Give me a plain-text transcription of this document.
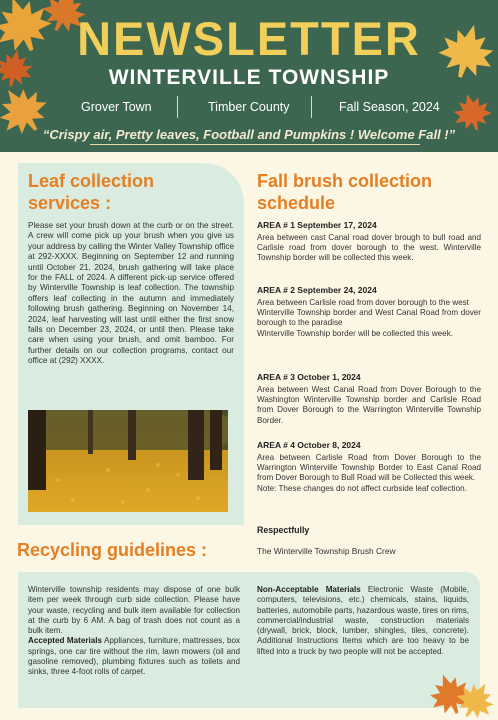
NEWSLETTER
WINTERVILLE TOWNSHIP
Grover Town	Timber County	Fall Season, 2024
“Crispy air, Pretty leaves, Football and Pumpkins ! Welcome Fall !”
Leaf collection services :
Please set your brush down at the curb or on the street. A crew will come pick up your brush when you give us your address by calling the Winter Valley Township office at 292-XXXX. Beginning on September 12 and running until October 21, 2024, brush gathering will take place for the FALL of 2024. A different pick-up service offered by Winterville Township is leaf collection. The township offers leaf collecting in the autumn and immediately following brush gathering. Beginning on November 14, 2024, leaf harvesting will last until either the first snow falls on December 23, 2024, or until then. Please take care when using your brush, and omit bamboo. For further details on our collection programs, contact our office at (292) XXXX.
Fall brush collection schedule
AREA # 1 September 17, 2024
Area between cast Canal road dover brough to bull road and Carlisle road from dover borough to the west. Winterville Township border will be collected this week.
AREA # 2 September 24, 2024
Area between Carlisle road from dover borough to the west
Winterville Township border and West Canal Road from dover borough to the paradise
Winterville Township border will be collected this week.
AREA # 3 October 1, 2024
Area between West Canal Road from Dover Borough to the Washington Winterville Township border and Carlisle Road from Dover Borough to the Warrington Winterville Township Border.
AREA # 4 October 8, 2024
Area between Carlisle Road from Dover Borough to the Warrington Winterville Township Border to East Canal Road from Dover Borough to Bull Road will be Collected this week.
Note: These changes do not affect curbside leaf collection.
Respectfully
The Winterville Township Brush Crew
Recycling guidelines :
Winterville township residents may dispose of one bulk item per week through curb side collection. Please have your waste, recycling and bulk item available for collection at the curb by 6 AM. A bag of trash does not count as a bulk item.
Accepted Materials Appliances, furniture, mattresses, box springs, one car tire without the rim, lawn mowers (oil and gasoline removed), plumbing fixtures such as toilets and sinks, three 4-foot rolls of carpet.
Non-Acceptable Materials Electronic Waste (Mobile, computers, televisions, etc.) chemicals, stains, liquids, batteries, automobile parts, hazardous waste, tires on rims, commercial/industrial waste, construction materials (drywall, brick, block, lumber, shingles, tiles, concrete). Additional Instructions Items which are too heavy to be lifted into a truck by two people will not be accepted.
